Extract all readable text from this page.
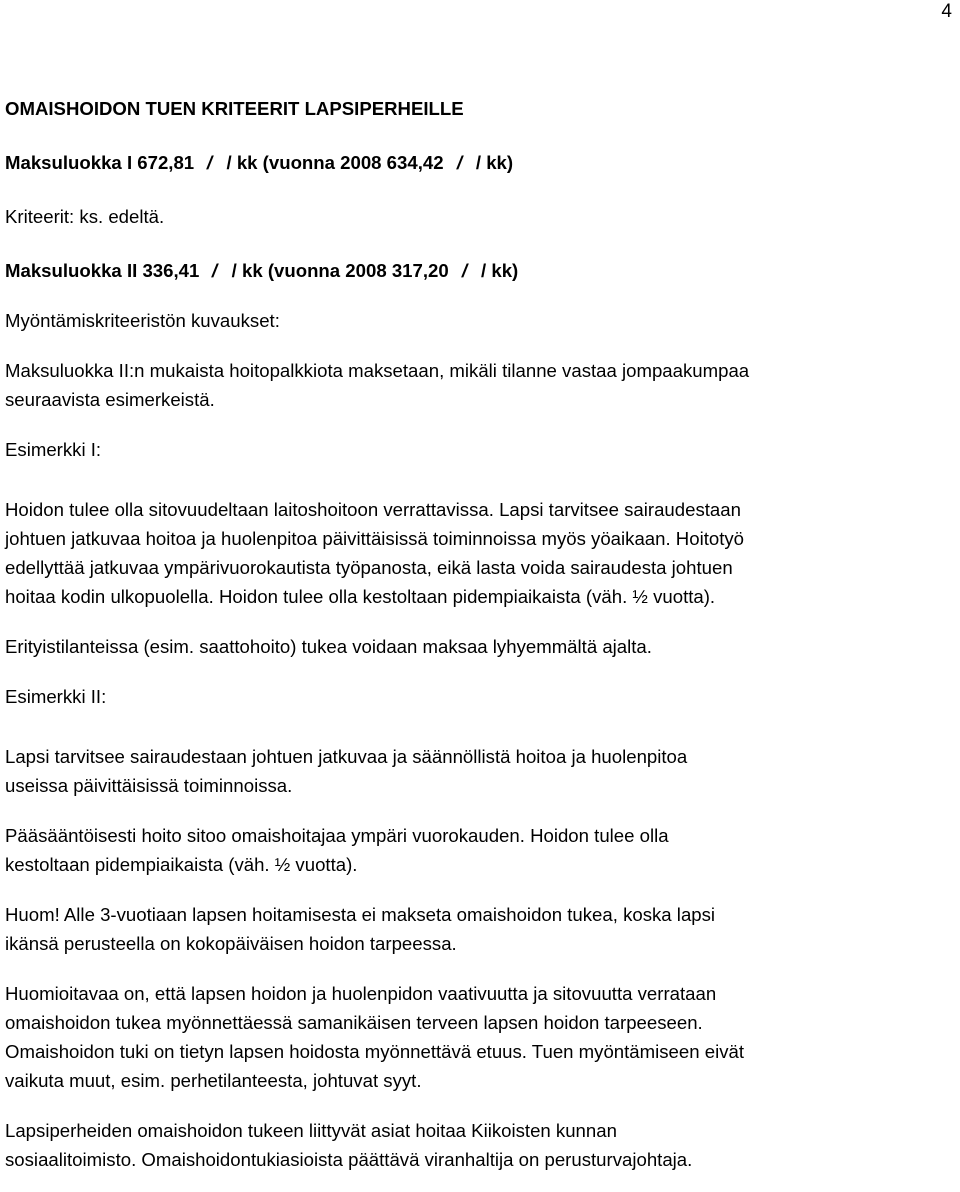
4
OMAISHOIDON TUEN KRITEERIT LAPSIPERHEILLE
Maksuluokka I 672,81 / / kk (vuonna 2008 634,42 / / kk)
Kriteerit: ks. edeltä.
Maksuluokka II 336,41 / / kk (vuonna 2008 317,20 / / kk)
Myöntämiskriteeristön kuvaukset:
Maksuluokka II:n mukaista hoitopalkkiota maksetaan, mikäli tilanne vastaa jompaakumpaa
seuraavista esimerkeistä.
Esimerkki I:
Hoidon tulee olla sitovuudeltaan laitoshoitoon verrattavissa. Lapsi tarvitsee sairaudestaan
johtuen jatkuvaa hoitoa ja huolenpitoa päivittäisissä toiminnoissa myös yöaikaan. Hoitotyö
edellyttää jatkuvaa ympärivuorokautista työpanosta, eikä lasta voida sairaudesta johtuen
hoitaa kodin ulkopuolella. Hoidon tulee olla kestoltaan pidempiaikaista (väh. ½ vuotta).
Erityistilanteissa (esim. saattohoito) tukea voidaan maksaa lyhyemmältä ajalta.
Esimerkki II:
Lapsi tarvitsee sairaudestaan johtuen jatkuvaa ja säännöllistä hoitoa ja huolenpitoa
useissa päivittäisissä toiminnoissa.
Pääsääntöisesti hoito sitoo omaishoitajaa ympäri vuorokauden. Hoidon tulee olla
kestoltaan pidempiaikaista (väh. ½ vuotta).
Huom! Alle 3-vuotiaan lapsen hoitamisesta ei makseta omaishoidon tukea, koska lapsi
ikänsä perusteella on kokopäiväisen hoidon tarpeessa.
Huomioitavaa on, että lapsen hoidon ja huolenpidon vaativuutta ja sitovuutta verrataan
omaishoidon tukea myönnettäessä samanikäisen terveen lapsen hoidon tarpeeseen.
Omaishoidon tuki on tietyn lapsen hoidosta myönnettävä etuus. Tuen myöntämiseen eivät
vaikuta muut, esim. perhetilanteesta, johtuvat syyt.
Lapsiperheiden omaishoidon tukeen liittyvät asiat hoitaa Kiikoisten kunnan
sosiaalitoimisto. Omaishoidontukiasioista päättävä viranhaltija on perusturvajohtaja.
